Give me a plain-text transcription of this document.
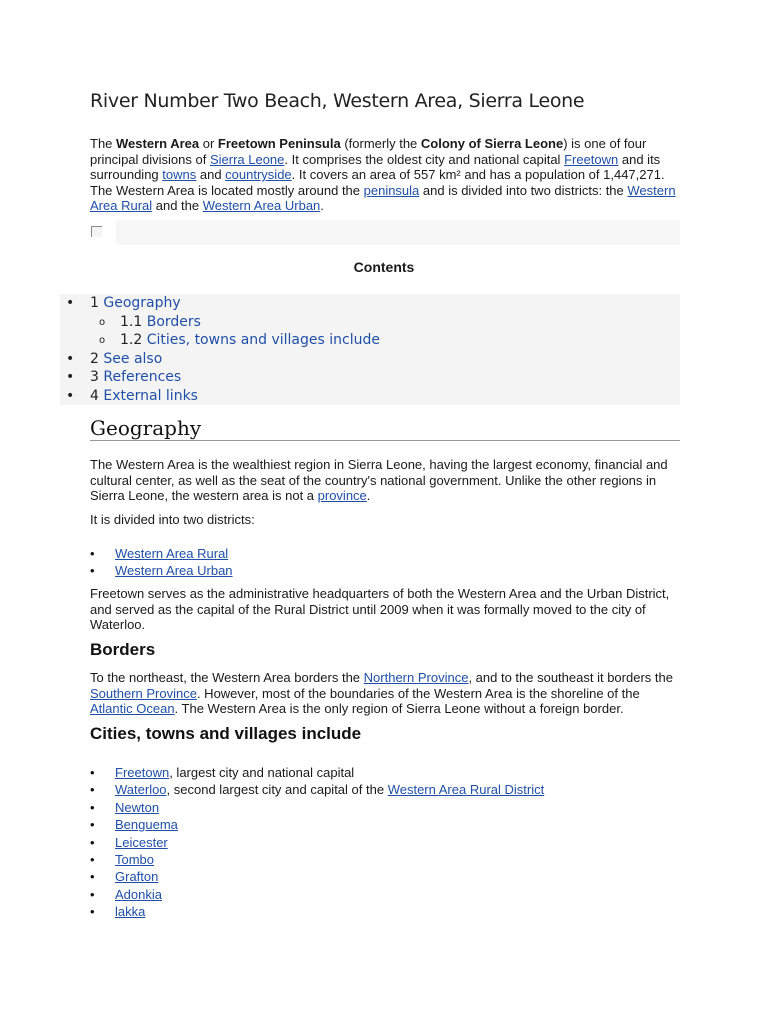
River Number Two Beach, Western Area, Sierra Leone

The Western Area or Freetown Peninsula (formerly the Colony of Sierra Leone) is one of four principal divisions of Sierra Leone. It comprises the oldest city and national capital Freetown and its surrounding towns and countryside. It covers an area of 557 km² and has a population of 1,447,271. The Western Area is located mostly around the peninsula and is divided into two districts: the Western Area Rural and the Western Area Urban.

Contents
• 1 Geography
o 1.1 Borders
o 1.2 Cities, towns and villages include
• 2 See also
• 3 References
• 4 External links
Geography

The Western Area is the wealthiest region in Sierra Leone, having the largest economy, financial and cultural center, as well as the seat of the country's national government. Unlike the other regions in Sierra Leone, the western area is not a province.

It is divided into two districts:

• Western Area Rural
• Western Area Urban

Freetown serves as the administrative headquarters of both the Western Area and the Urban District, and served as the capital of the Rural District until 2009 when it was formally moved to the city of Waterloo.

Borders

To the northeast, the Western Area borders the Northern Province, and to the southeast it borders the Southern Province. However, most of the boundaries of the Western Area is the shoreline of the Atlantic Ocean. The Western Area is the only region of Sierra Leone without a foreign border.

Cities, towns and villages include
• Freetown, largest city and national capital
• Waterloo, second largest city and capital of the Western Area Rural District
• Newton
• Benguema
• Leicester
• Tombo
• Grafton
• Adonkia
• lakka
